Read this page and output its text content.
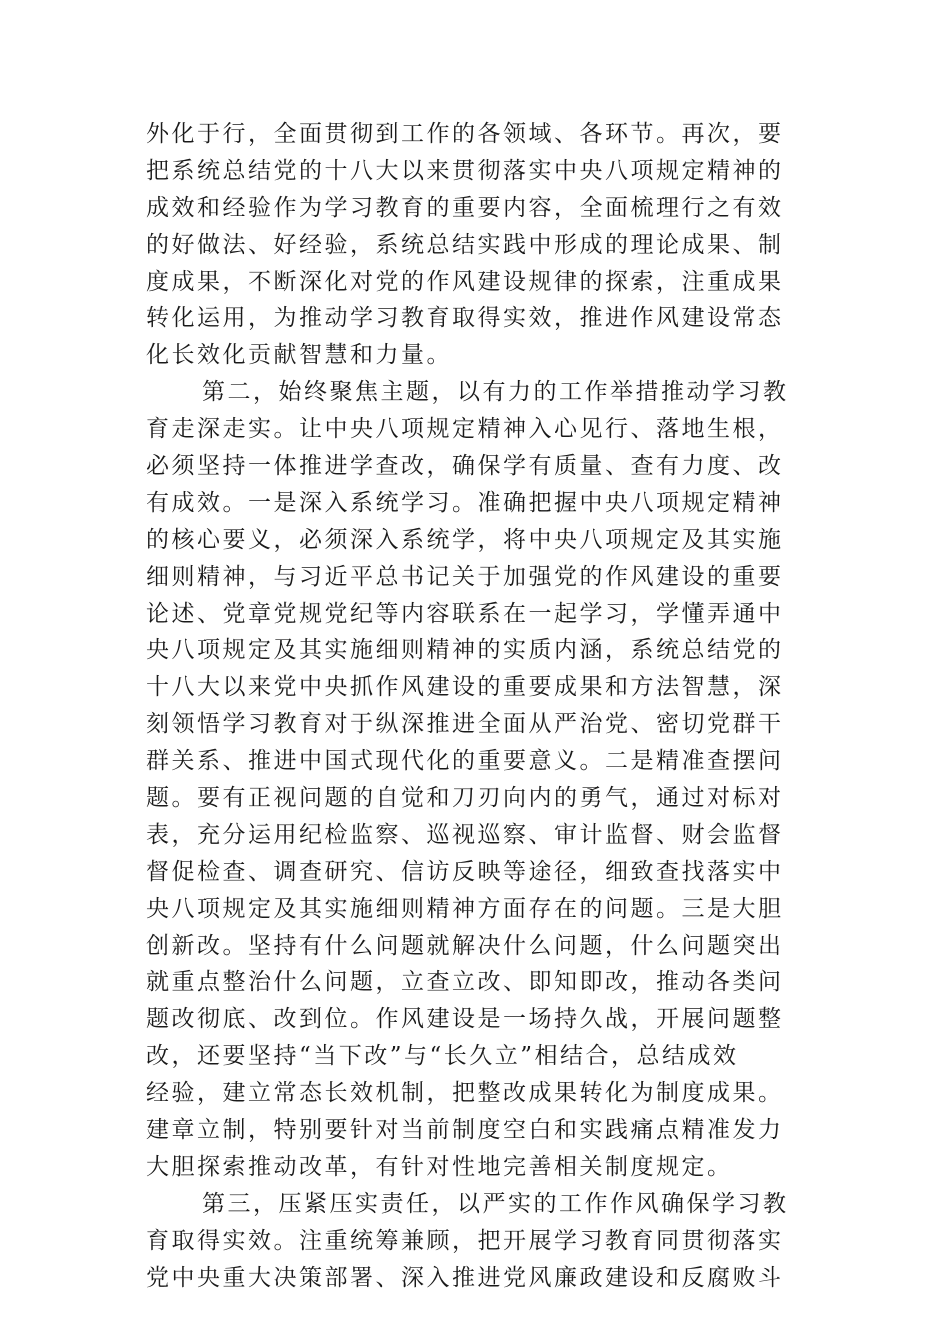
外化于行，全面贯彻到工作的各领域、各环节。再次，要
把系统总结党的十八大以来贯彻落实中央八项规定精神的
成效和经验作为学习教育的重要内容，全面梳理行之有效
的好做法、好经验，系统总结实践中形成的理论成果、制
度成果，不断深化对党的作风建设规律的探索，注重成果
转化运用，为推动学习教育取得实效，推进作风建设常态
化长效化贡献智慧和力量。
第二，始终聚焦主题，以有力的工作举措推动学习教
育走深走实。让中央八项规定精神入心见行、落地生根，
必须坚持一体推进学查改，确保学有质量、查有力度、改
有成效。一是深入系统学习。准确把握中央八项规定精神
的核心要义，必须深入系统学，将中央八项规定及其实施
细则精神，与习近平总书记关于加强党的作风建设的重要
论述、党章党规党纪等内容联系在一起学习，学懂弄通中
央八项规定及其实施细则精神的实质内涵，系统总结党的
十八大以来党中央抓作风建设的重要成果和方法智慧，深
刻领悟学习教育对于纵深推进全面从严治党、密切党群干
群关系、推进中国式现代化的重要意义。二是精准查摆问
题。要有正视问题的自觉和刀刃向内的勇气，通过对标对
表，充分运用纪检监察、巡视巡察、审计监督、财会监督
督促检查、调查研究、信访反映等途径，细致查找落实中
央八项规定及其实施细则精神方面存在的问题。三是大胆
创新改。坚持有什么问题就解决什么问题，什么问题突出
就重点整治什么问题，立查立改、即知即改，推动各类问
题改彻底、改到位。作风建设是一场持久战，开展问题整
改，还要坚持“当下改”与“长久立”相结合，总结成效
经验，建立常态长效机制，把整改成果转化为制度成果。
建章立制，特别要针对当前制度空白和实践痛点精准发力
大胆探索推动改革，有针对性地完善相关制度规定。
第三，压紧压实责任，以严实的工作作风确保学习教
育取得实效。注重统筹兼顾，把开展学习教育同贯彻落实
党中央重大决策部署、深入推进党风廉政建设和反腐败斗
